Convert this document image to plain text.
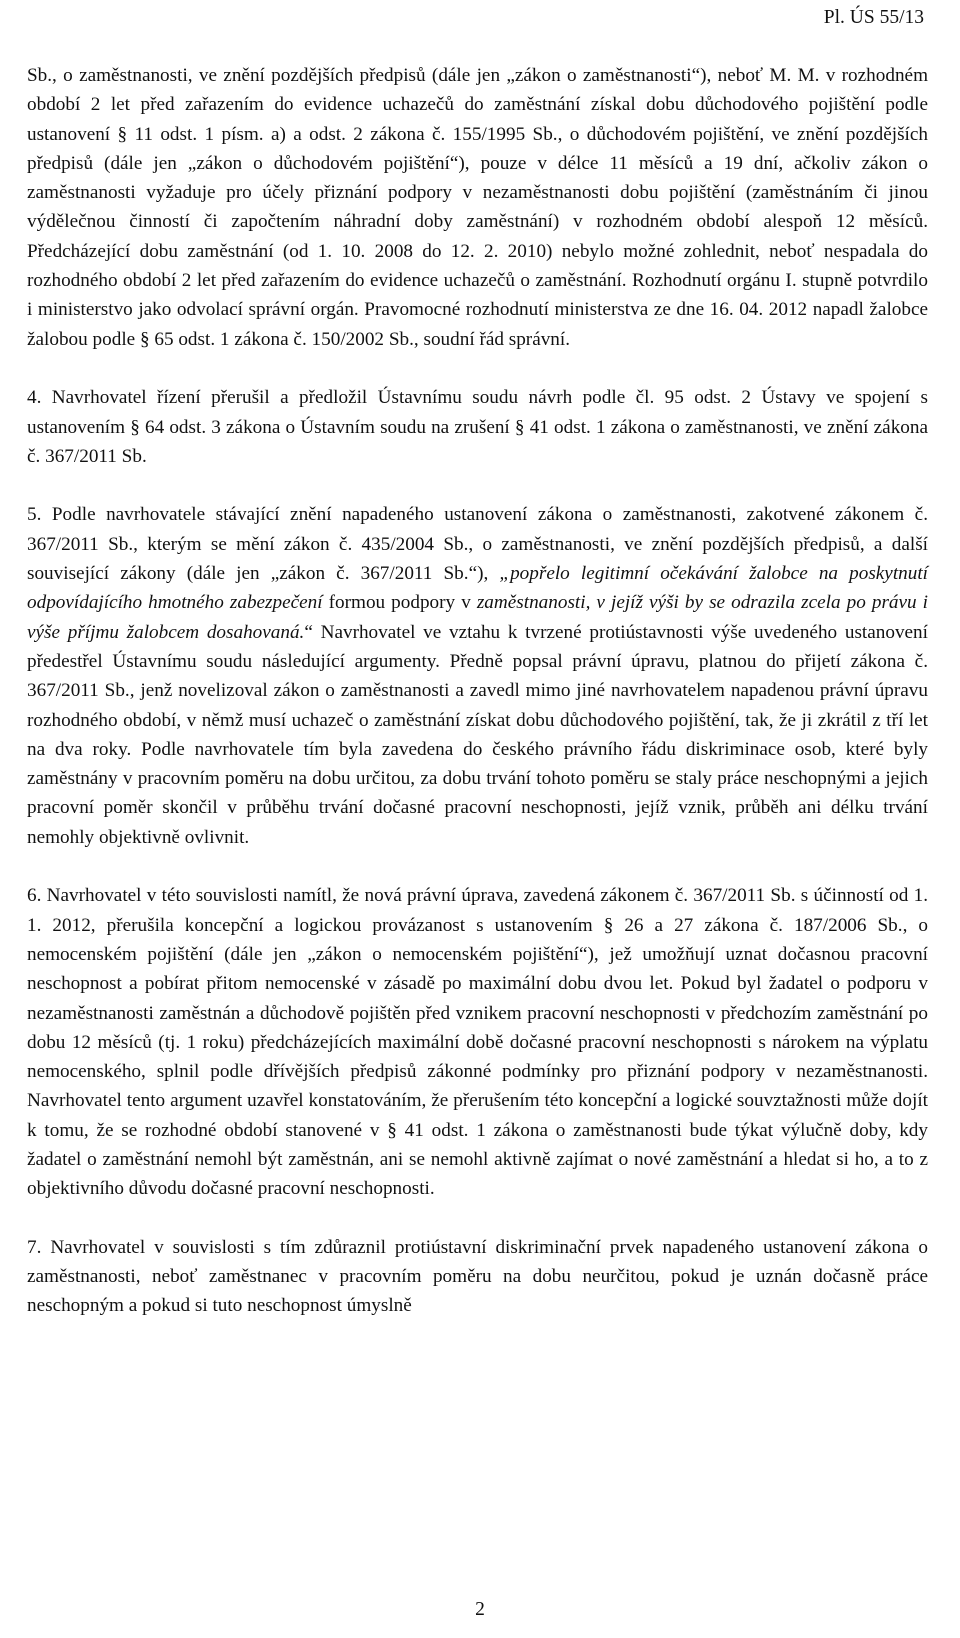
Pl. ÚS 55/13

Sb., o zaměstnanosti, ve znění pozdějších předpisů (dále jen „zákon o zaměstnanosti“), neboť M. M. v rozhodném období 2 let před zařazením do evidence uchazečů do zaměstnání získal dobu důchodového pojištění podle ustanovení § 11 odst. 1 písm. a) a odst. 2 zákona č. 155/1995 Sb., o důchodovém pojištění, ve znění pozdějších předpisů (dále jen „zákon o důchodovém pojištění“), pouze v délce 11 měsíců a 19 dní, ačkoliv zákon o zaměstnanosti vyžaduje pro účely přiznání podpory v nezaměstnanosti dobu pojištění (zaměstnáním či jinou výdělečnou činností či započtením náhradní doby zaměstnání) v rozhodném období alespoň 12 měsíců. Předcházející dobu zaměstnání (od 1. 10. 2008 do 12. 2. 2010) nebylo možné zohlednit, neboť nespadala do rozhodného období 2 let před zařazením do evidence uchazečů o zaměstnání. Rozhodnutí orgánu I. stupně potvrdilo i ministerstvo jako odvolací správní orgán. Pravomocné rozhodnutí ministerstva ze dne 16. 04. 2012 napadl žalobce žalobou podle § 65 odst. 1 zákona č. 150/2002 Sb., soudní řád správní.

4. Navrhovatel řízení přerušil a předložil Ústavnímu soudu návrh podle čl. 95 odst. 2 Ústavy ve spojení s ustanovením § 64 odst. 3 zákona o Ústavním soudu na zrušení § 41 odst. 1 zákona o zaměstnanosti, ve znění zákona č. 367/2011 Sb.

5. Podle navrhovatele stávající znění napadeného ustanovení zákona o zaměstnanosti, zakotvené zákonem č. 367/2011 Sb., kterým se mění zákon č. 435/2004 Sb., o zaměstnanosti, ve znění pozdějších předpisů, a další související zákony (dále jen „zákon č. 367/2011 Sb.“), „popřelo legitimní očekávání žalobce na poskytnutí odpovídajícího hmotného zabezpečení formou podpory v zaměstnanosti, v jejíž výši by se odrazila zcela po právu i výše příjmu žalobcem dosahovaná.“ Navrhovatel ve vztahu k tvrzené protiústavnosti výše uvedeného ustanovení předestřel Ústavnímu soudu následující argumenty. Předně popsal právní úpravu, platnou do přijetí zákona č. 367/2011 Sb., jenž novelizoval zákon o zaměstnanosti a zavedl mimo jiné navrhovatelem napadenou právní úpravu rozhodného období, v němž musí uchazeč o zaměstnání získat dobu důchodového pojištění, tak, že ji zkrátil z tří let na dva roky. Podle navrhovatele tím byla zavedena do českého právního řádu diskriminace osob, které byly zaměstnány v pracovním poměru na dobu určitou, za dobu trvání tohoto poměru se staly práce neschopnými a jejich pracovní poměr skončil v průběhu trvání dočasné pracovní neschopnosti, jejíž vznik, průběh ani délku trvání nemohly objektivně ovlivnit.

6. Navrhovatel v této souvislosti namítl, že nová právní úprava, zavedená zákonem č. 367/2011 Sb. s účinností od 1. 1. 2012, přerušila koncepční a logickou provázanost s ustanovením § 26 a 27 zákona č. 187/2006 Sb., o nemocenském pojištění (dále jen „zákon o nemocenském pojištění“), jež umožňují uznat dočasnou pracovní neschopnost a pobírat přitom nemocenské v zásadě po maximální dobu dvou let. Pokud byl žadatel o podporu v nezaměstnanosti zaměstnán a důchodově pojištěn před vznikem pracovní neschopnosti v předchozím zaměstnání po dobu 12 měsíců (tj. 1 roku) předcházejících maximální době dočasné pracovní neschopnosti s nárokem na výplatu nemocenského, splnil podle dřívějších předpisů zákonné podmínky pro přiznání podpory v nezaměstnanosti. Navrhovatel tento argument uzavřel konstatováním, že přerušením této koncepční a logické souvztažnosti může dojít k tomu, že se rozhodné období stanovené v § 41 odst. 1 zákona o zaměstnanosti bude týkat výlučně doby, kdy žadatel o zaměstnání nemohl být zaměstnán, ani se nemohl aktivně zajímat o nové zaměstnání a hledat si ho, a to z objektivního důvodu dočasné pracovní neschopnosti.

7. Navrhovatel v souvislosti s tím zdůraznil protiústavní diskriminační prvek napadeného ustanovení zákona o zaměstnanosti, neboť zaměstnanec v pracovním poměru na dobu neurčitou, pokud je uznán dočasně práce neschopným a pokud si tuto neschopnost úmyslně

2
